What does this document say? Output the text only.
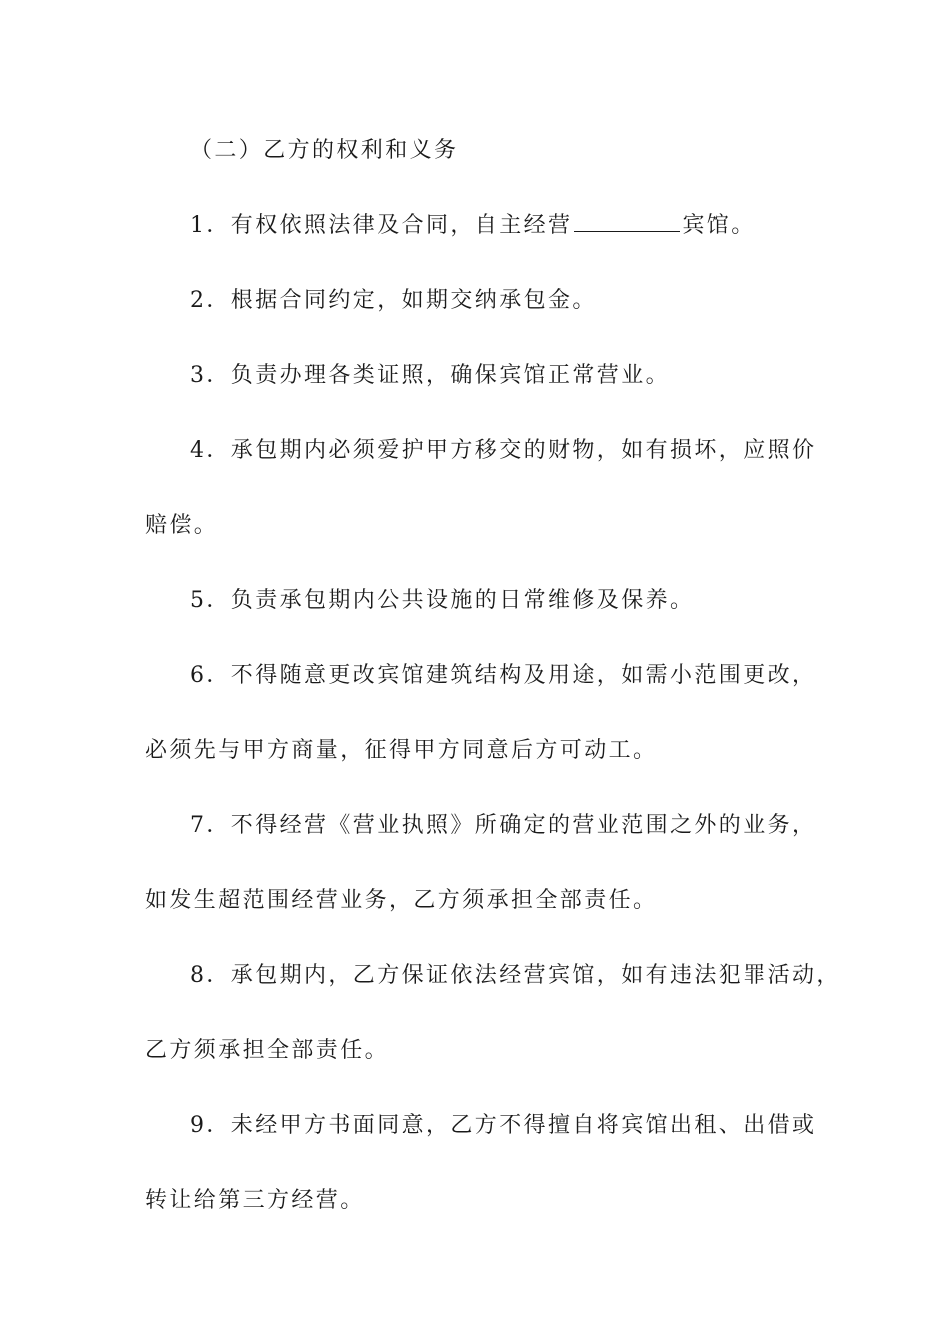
（二）乙方的权利和义务

1．有权依照法律及合同，自主经营	宾馆。

2．根据合同约定，如期交纳承包金。

3．负责办理各类证照，确保宾馆正常营业。

4．承包期内必须爱护甲方移交的财物，如有损坏，应照价

赔偿。

5．负责承包期内公共设施的日常维修及保养。

6．不得随意更改宾馆建筑结构及用途，如需小范围更改，

必须先与甲方商量，征得甲方同意后方可动工。

7．不得经营《营业执照》所确定的营业范围之外的业务，

如发生超范围经营业务，乙方须承担全部责任。

8．承包期内，乙方保证依法经营宾馆，如有违法犯罪活动，

乙方须承担全部责任。

9．未经甲方书面同意，乙方不得擅自将宾馆出租、出借或

转让给第三方经营。
